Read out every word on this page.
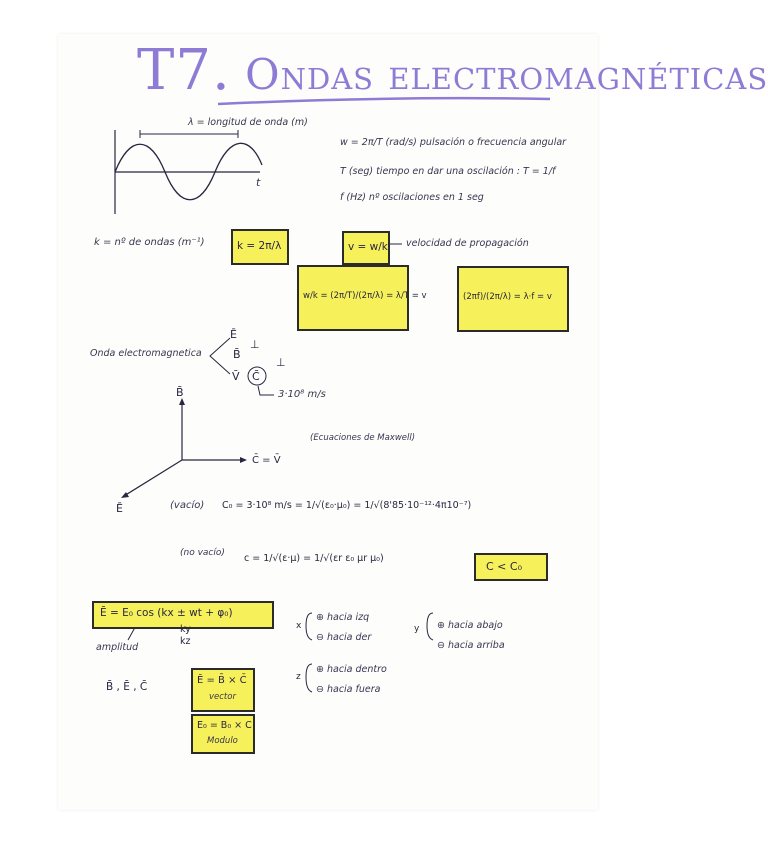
T7. Ondas electromagnéticas
λ = longitud de onda (m)
t
w = 2π/T (rad/s) pulsación o frecuencia angular
T (seg) tiempo en dar una oscilación : T = 1/f
f (Hz) nº oscilaciones en 1 seg
k = nº de ondas (m⁻¹)	k = 2π/λ	v = w/k velocidad de propagación
w/k = (2π/T)/(2π/λ) = λ/T = v	(2πf)/(2π/λ) = λ·f = v
Onda electromagnetica
Ē
⊥
B̄
⊥
V̄ C̄
3·10⁸ m/s
B̄
Ē
C̄ = V̄
(Ecuaciones de Maxwell)
(vacío) C₀ = 3·10⁸ m/s = 1/√(ε₀·μ₀) = 1/√(8'85·10⁻¹²·4π10⁻⁷)
(no vacío) c = 1/√(ε·μ) = 1/√(εr ε₀ μr μ₀)
C < C₀
Ē = E₀ cos (kx ± wt + φ₀)
ky
kz
amplitud
x
⊕ hacia izq
⊖ hacia der
y ⊕ hacia abajo
⊖ hacia arriba
z
⊕ hacia dentro
⊖ hacia fuera
B̄ , Ē , C̄
Ē = B̄ × C̄
vector
E₀ = B₀ × C
Modulo
